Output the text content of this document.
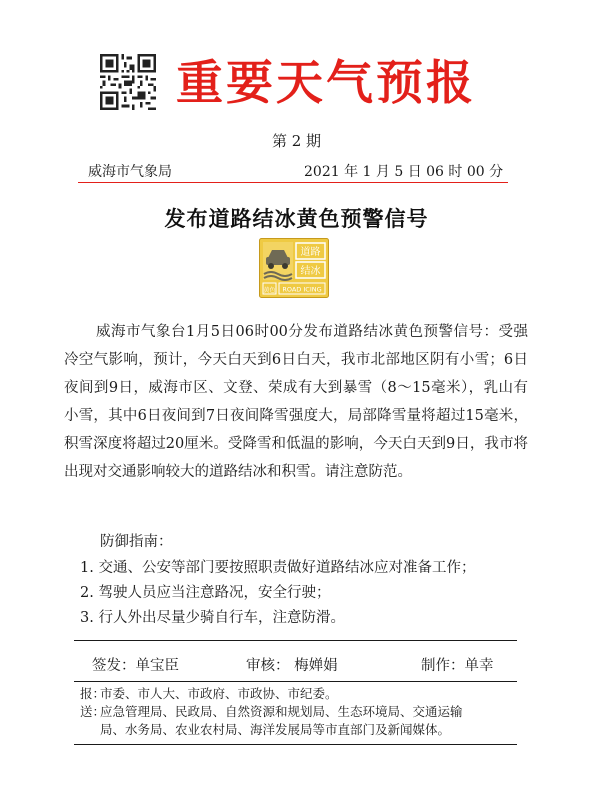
重要天气预报
第 2 期
威海市气象局	2021 年 1 月 5 日 06 时 00 分
发布道路结冰黄色预警信号
道路
结冰
黄色 ROAD ICING

威海市气象台1月5日06时00分发布道路结冰黄色预警信号：受强冷空气影响，预计，今天白天到6日白天，我市北部地区阴有小雪；6日夜间到9日，威海市区、文登、荣成有大到暴雪（8～15毫米），乳山有小雪，其中6日夜间到7日夜间降雪强度大，局部降雪量将超过15毫米，积雪深度将超过20厘米。受降雪和低温的影响，今天白天到9日，我市将出现对交通影响较大的道路结冰和积雪。请注意防范。

防御指南：
1. 交通、公安等部门要按照职责做好道路结冰应对准备工作；
2. 驾驶人员应当注意路况，安全行驶；
3. 行人外出尽量少骑自行车，注意防滑。
签发：单宝臣	审核： 梅婵娟	制作：单幸
报：
市委、市人大、市政府、市政协、市纪委。
送：
应急管理局、民政局、自然资源和规划局、生态环境局、交通运输
局、水务局、农业农村局、海洋发展局等市直部门及新闻媒体。
